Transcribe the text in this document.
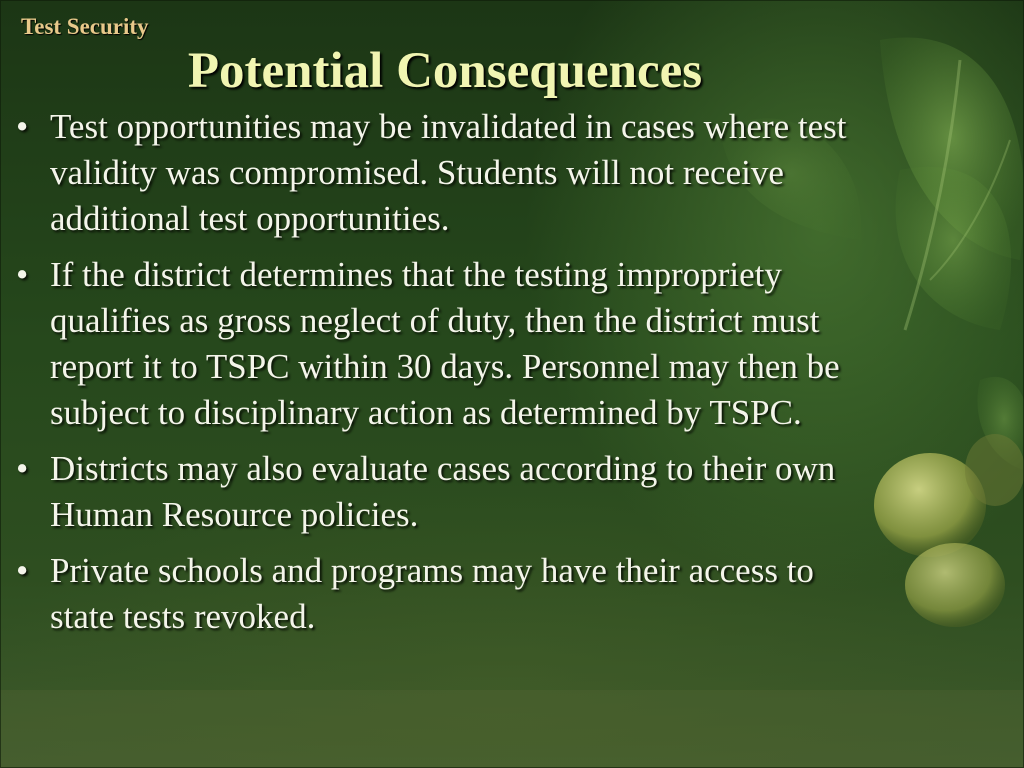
Test Security
Potential Consequences
• Test opportunities may be invalidated in cases where test validity was compromised. Students will not receive additional test opportunities.
• If the district determines that the testing impropriety qualifies as gross neglect of duty, then the district must report it to TSPC within 30 days. Personnel may then be subject to disciplinary action as determined by TSPC.
• Districts may also evaluate cases according to their own Human Resource policies.
• Private schools and programs may have their access to state tests revoked.
